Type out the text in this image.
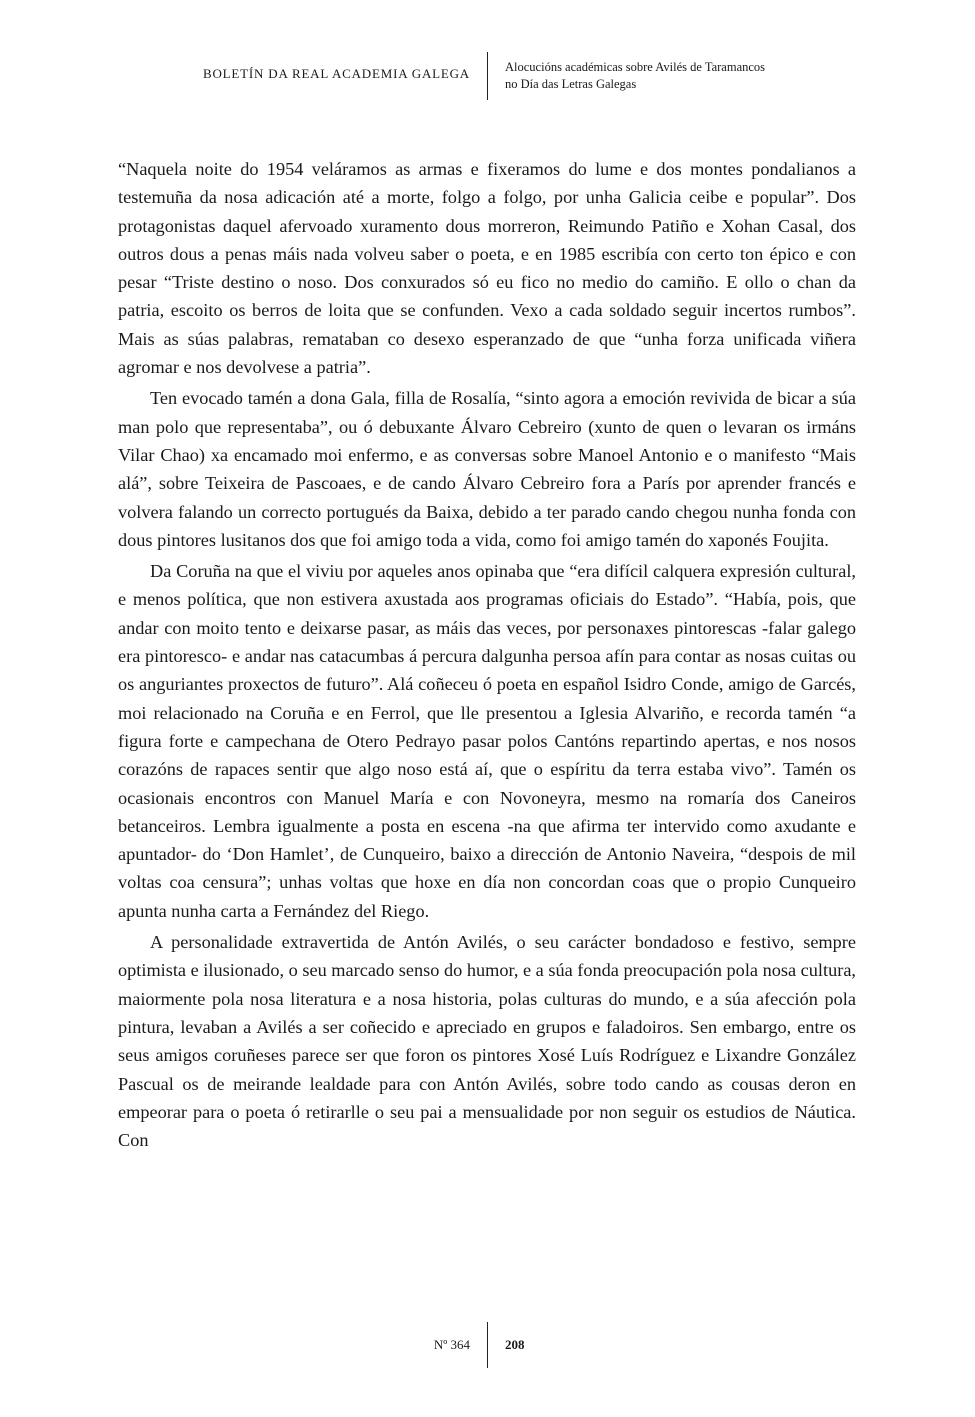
BOLETÍN DA REAL ACADEMIA GALEGA	Alocucións académicas sobre Avilés de Taramancos
no Día das Letras Galegas

“Naquela noite do 1954 veláramos as armas e fixeramos do lume e dos montes pondalianos a testemuña da nosa adicación até a morte, folgo a folgo, por unha Galicia ceibe e popular”. Dos protagonistas daquel afervoado xuramento dous morreron, Reimundo Patiño e Xohan Casal, dos outros dous a penas máis nada volveu saber o poeta, e en 1985 escribía con certo ton épico e con pesar “Triste destino o noso. Dos conxurados só eu fico no medio do camiño. E ollo o chan da patria, escoito os berros de loita que se confunden. Vexo a cada soldado seguir incertos rumbos”. Mais as súas palabras, remataban co desexo esperanzado de que “unha forza unificada viñera agromar e nos devolvese a patria”.

Ten evocado tamén a dona Gala, filla de Rosalía, “sinto agora a emoción revivida de bicar a súa man polo que representaba”, ou ó debuxante Álvaro Cebreiro (xunto de quen o levaran os irmáns Vilar Chao) xa encamado moi enfermo, e as conversas sobre Manoel Antonio e o manifesto “Mais alá”, sobre Teixeira de Pascoaes, e de cando Álvaro Cebreiro fora a París por aprender francés e volvera falando un correcto portugués da Baixa, debido a ter parado cando chegou nunha fonda con dous pintores lusitanos dos que foi amigo toda a vida, como foi amigo tamén do xaponés Foujita.

Da Coruña na que el viviu por aqueles anos opinaba que “era difícil calquera expresión cultural, e menos política, que non estivera axustada aos programas oficiais do Estado”. “Había, pois, que andar con moito tento e deixarse pasar, as máis das veces, por personaxes pintorescas -falar galego era pintoresco- e andar nas catacumbas á percura dalgunha persoa afín para contar as nosas cuitas ou os anguriantes proxectos de futuro”. Alá coñeceu ó poeta en español Isidro Conde, amigo de Garcés, moi relacionado na Coruña e en Ferrol, que lle presentou a Iglesia Alvariño, e recorda tamén “a figura forte e campechana de Otero Pedrayo pasar polos Cantóns repartindo apertas, e nos nosos corazóns de rapaces sentir que algo noso está aí, que o espíritu da terra estaba vivo”. Tamén os ocasionais encontros con Manuel María e con Novoneyra, mesmo na romaría dos Caneiros betanceiros. Lembra igualmente a posta en escena -na que afirma ter intervido como axudante e apuntador- do ‘Don Hamlet’, de Cunqueiro, baixo a dirección de Antonio Naveira, “despois de mil voltas coa censura”; unhas voltas que hoxe en día non concordan coas que o propio Cunqueiro apunta nunha carta a Fernández del Riego.

A personalidade extravertida de Antón Avilés, o seu carácter bondadoso e festivo, sempre optimista e ilusionado, o seu marcado senso do humor, e a súa fonda preocupación pola nosa cultura, maiormente pola nosa literatura e a nosa historia, polas culturas do mundo, e a súa afección pola pintura, levaban a Avilés a ser coñecido e apreciado en grupos e faladoiros. Sen embargo, entre os seus amigos coruñeses parece ser que foron os pintores Xosé Luís Rodríguez e Lixandre González Pascual os de meirande lealdade para con Antón Avilés, sobre todo cando as cousas deron en empeorar para o poeta ó retirarlle o seu pai a mensualidade por non seguir os estudios de Náutica. Con

Nº 364	208
